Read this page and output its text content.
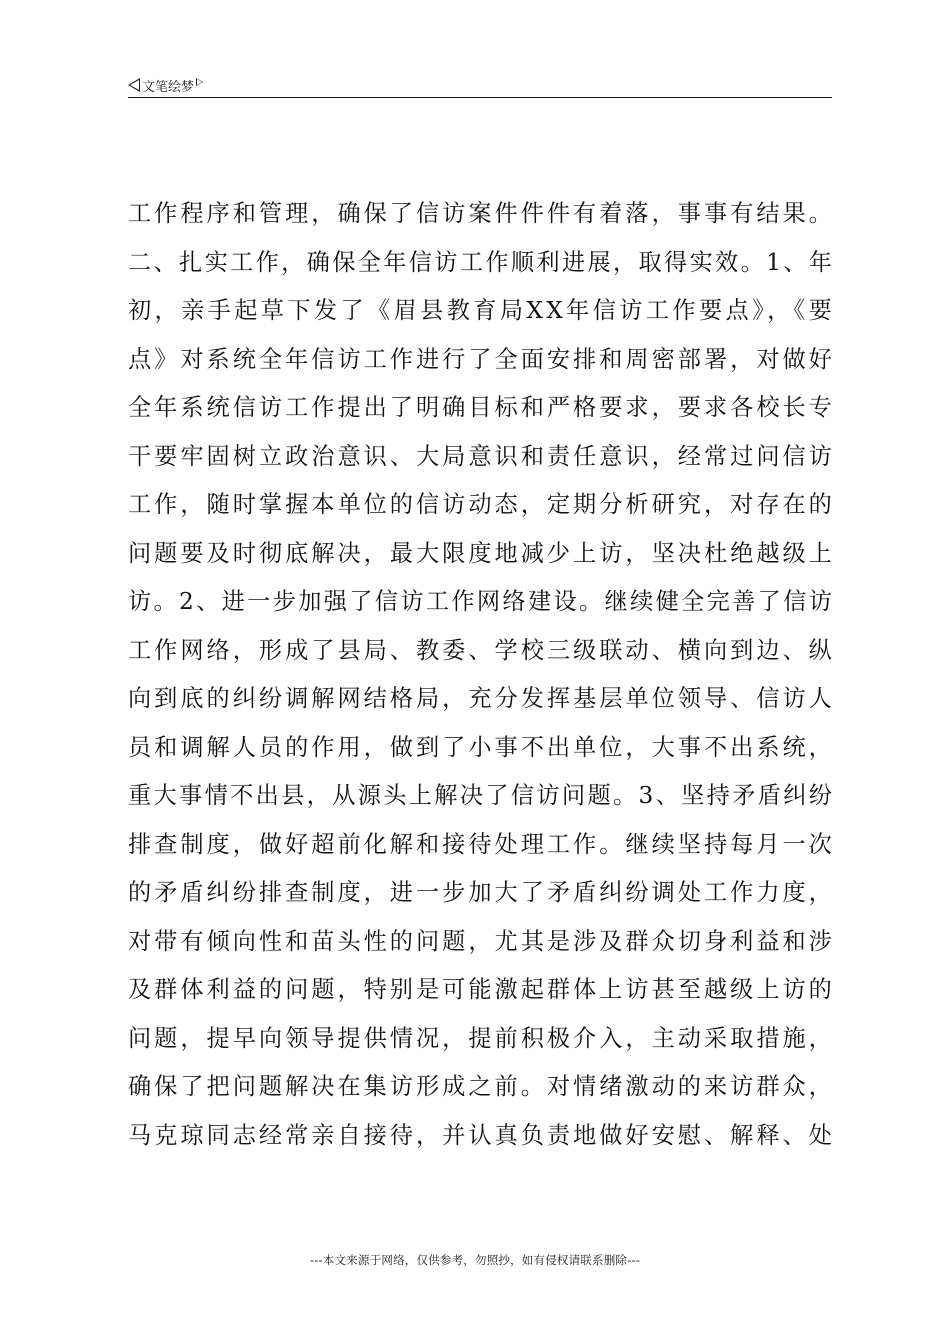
文笔绘梦
工作程序和管理，确保了信访案件件件有着落，事事有结果。
二、扎实工作，确保全年信访工作顺利进展，取得实效。1、年
初，亲手起草下发了《眉县教育局XX年信访工作要点》，《要
点》对系统全年信访工作进行了全面安排和周密部署，对做好
全年系统信访工作提出了明确目标和严格要求，要求各校长专
干要牢固树立政治意识、大局意识和责任意识，经常过问信访
工作，随时掌握本单位的信访动态，定期分析研究，对存在的
问题要及时彻底解决，最大限度地减少上访，坚决杜绝越级上
访。2、进一步加强了信访工作网络建设。继续健全完善了信访
工作网络，形成了县局、教委、学校三级联动、横向到边、纵
向到底的纠纷调解网结格局，充分发挥基层单位领导、信访人
员和调解人员的作用，做到了小事不出单位，大事不出系统，
重大事情不出县，从源头上解决了信访问题。3、坚持矛盾纠纷
排查制度，做好超前化解和接待处理工作。继续坚持每月一次
的矛盾纠纷排查制度，进一步加大了矛盾纠纷调处工作力度，
对带有倾向性和苗头性的问题，尤其是涉及群众切身利益和涉
及群体利益的问题，特别是可能激起群体上访甚至越级上访的
问题，提早向领导提供情况，提前积极介入，主动采取措施，
确保了把问题解决在集访形成之前。对情绪激动的来访群众，
马克琼同志经常亲自接待，并认真负责地做好安慰、解释、处
---本文来源于网络，仅供参考，勿照抄，如有侵权请联系删除---
